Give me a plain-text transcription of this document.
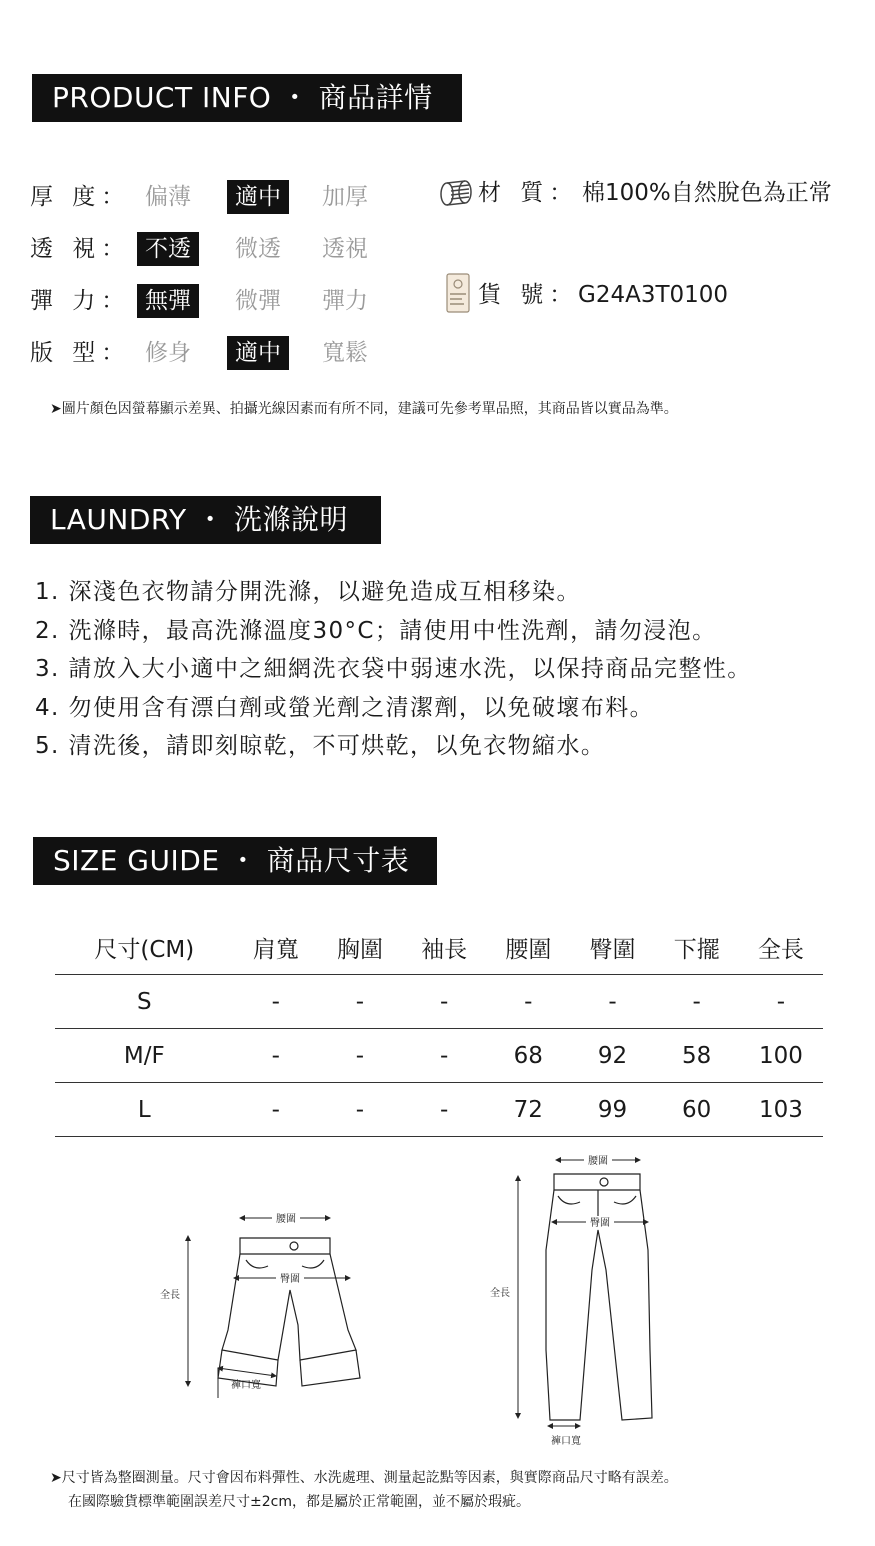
PRODUCT INFO ・ 商品詳情
厚 度： 偏薄	適中	加厚
透 視： 不透	微透 透視
彈 力： 無彈	微彈 彈力
版 型： 修身	適中	寬鬆
材 質： 棉100%自然脫色為正常
貨 號： G24A3T0100
➤圖片顏色因螢幕顯示差異、拍攝光線因素而有所不同，建議可先參考單品照，其商品皆以實品為準。
LAUNDRY ・ 洗滌說明
1. 深淺色衣物請分開洗滌，以避免造成互相移染。
2. 洗滌時，最高洗滌溫度30°C；請使用中性洗劑，請勿浸泡。
3. 請放入大小適中之細網洗衣袋中弱速水洗，以保持商品完整性。
4. 勿使用含有漂白劑或螢光劑之清潔劑，以免破壞布料。
5. 清洗後，請即刻晾乾，不可烘乾，以免衣物縮水。
SIZE GUIDE ・ 商品尺寸表
尺寸(CM)	肩寬	胸圍	袖長	腰圍	臀圍	下擺	全長
S	-	-	-	-	-	-	-
M/F	-	-	-	68	92	58	100
L	-	-	-	72	99	60	103
腰圍
臀圍
全長
褲口寬
腰圍
臀圍
全長
褲口寬
➤尺寸皆為整圈測量。尺寸會因布料彈性、水洗處理、測量起訖點等因素，與實際商品尺寸略有誤差。
在國際驗貨標準範圍誤差尺寸±2cm，都是屬於正常範圍，並不屬於瑕疵。
